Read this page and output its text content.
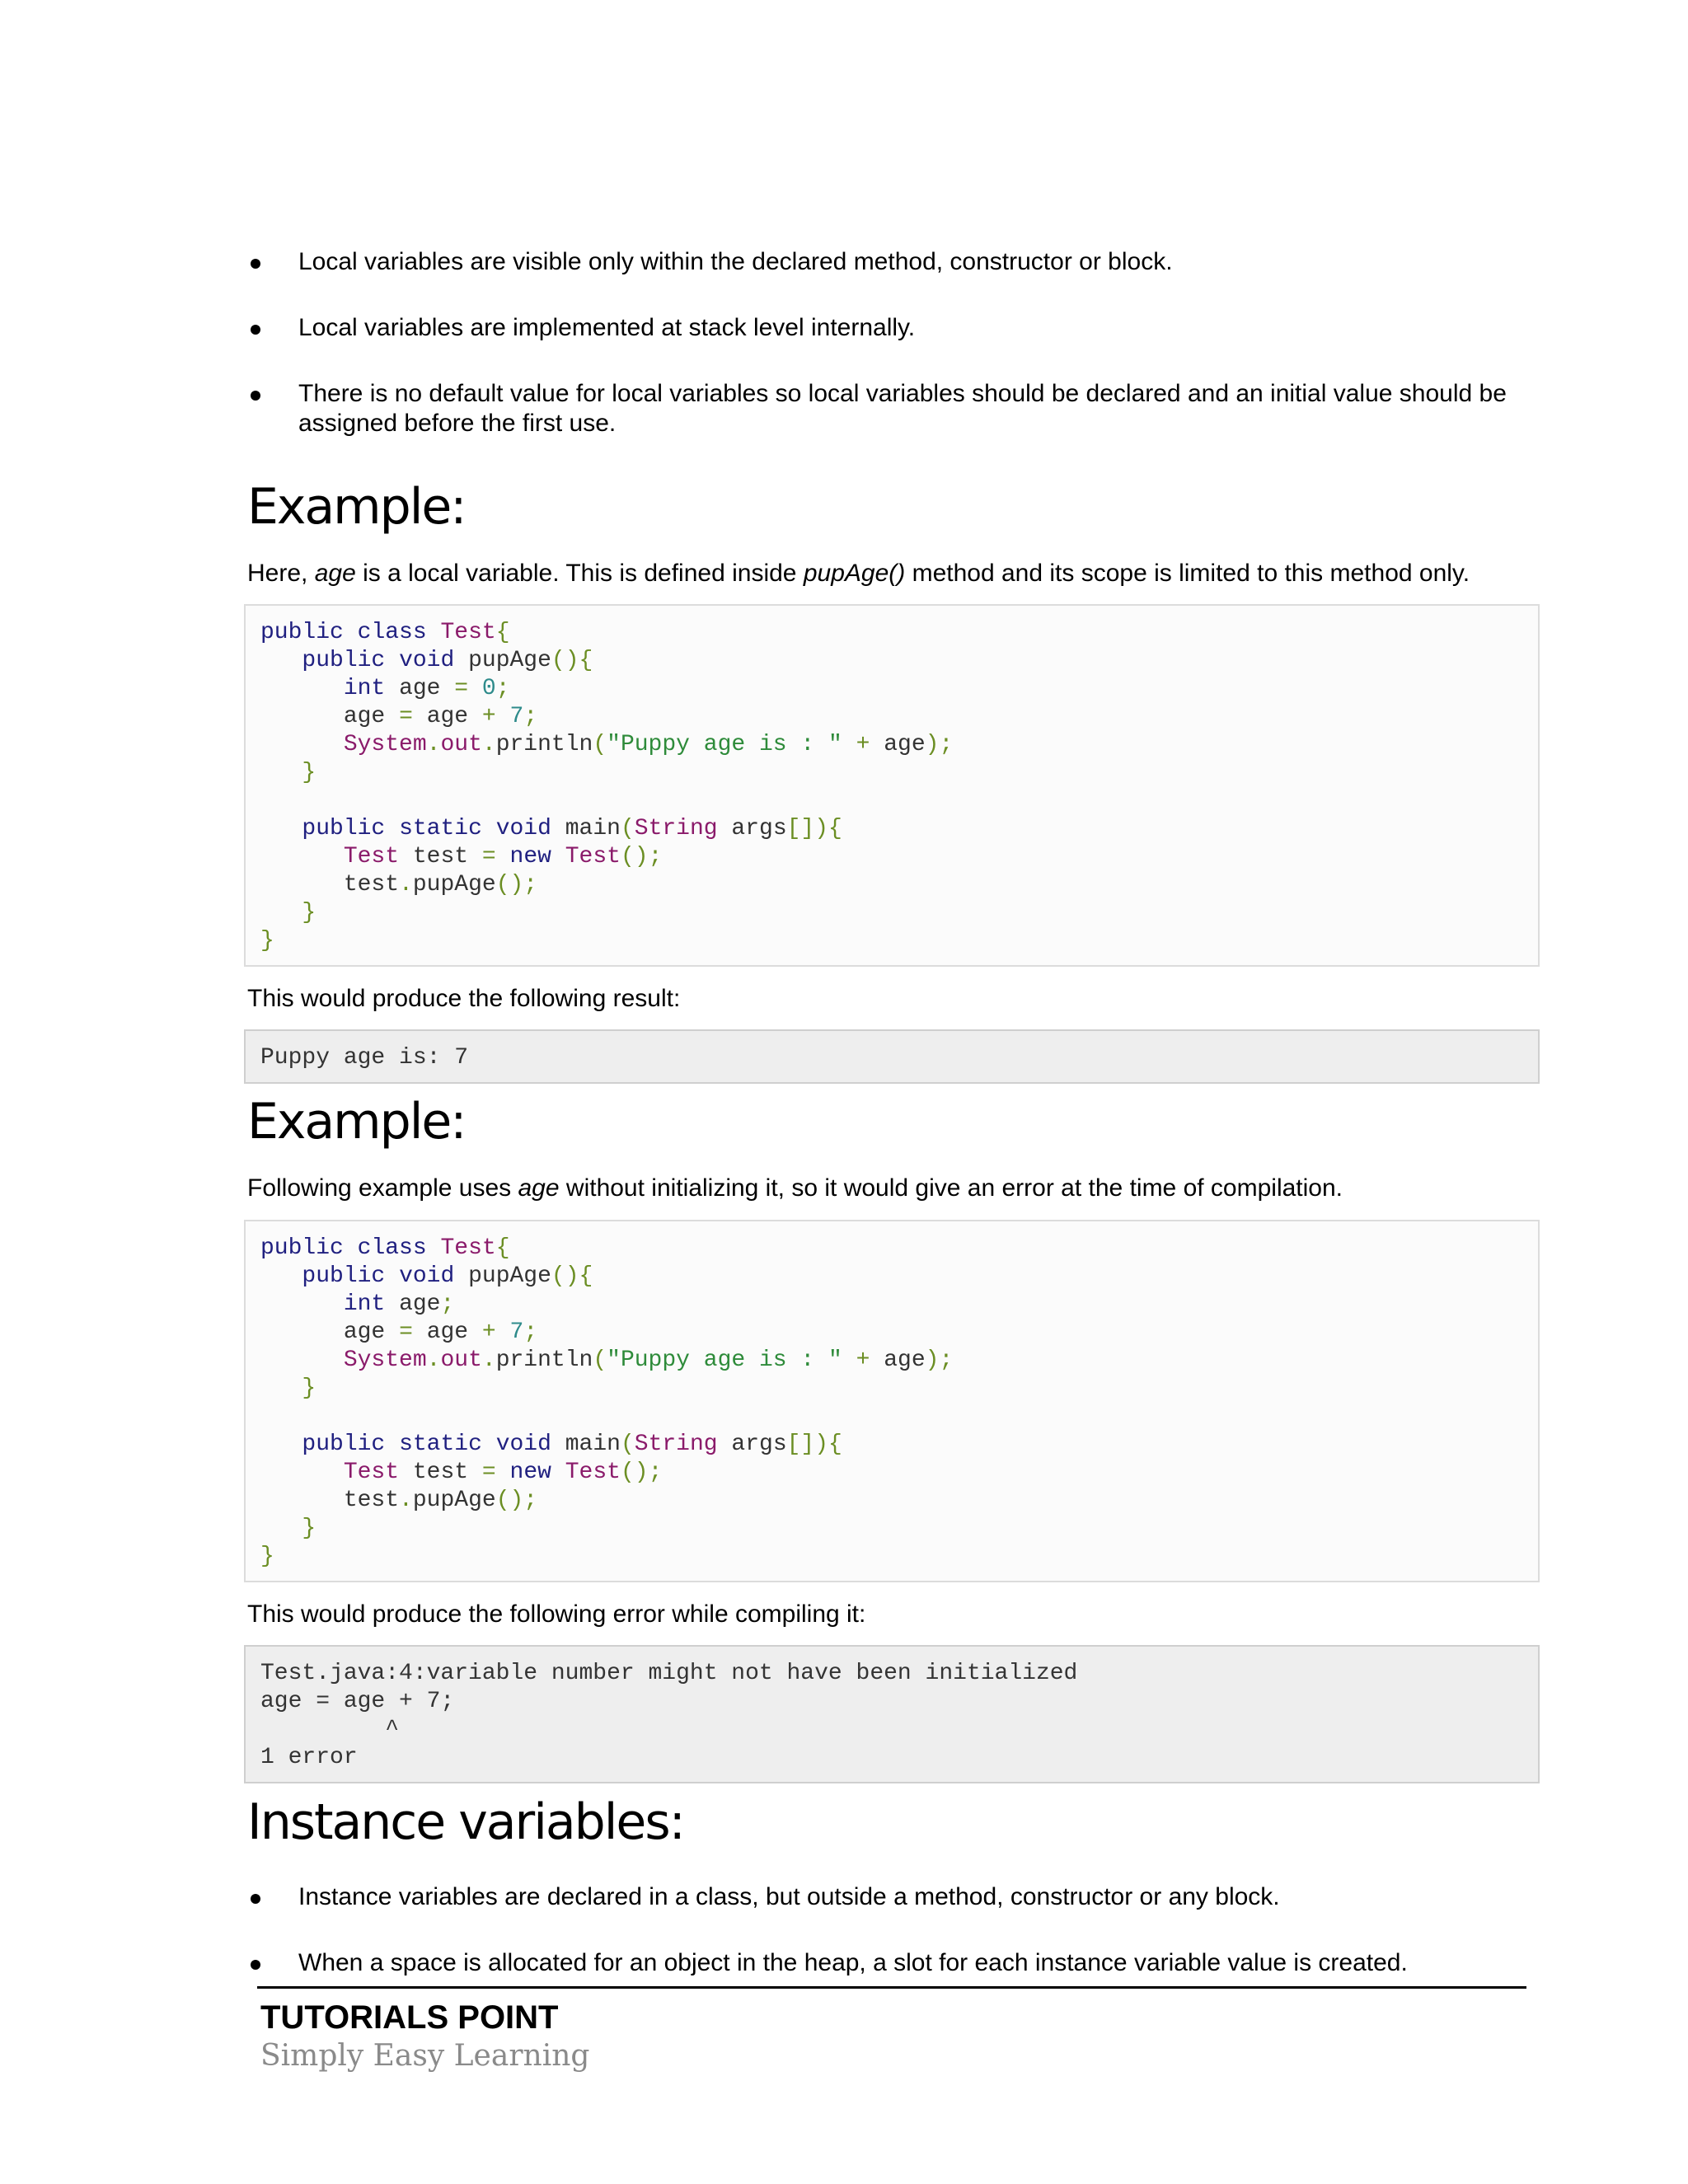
Local variables are visible only within the declared method, constructor or block.
Local variables are implemented at stack level internally.
There is no default value for local variables so local variables should be declared and an initial value should be assigned before the first use.
Example:

Here, age is a local variable. This is defined inside pupAge() method and its scope is limited to this method only.

public class Test{
public void pupAge(){
int age = 0;
age = age + 7;
System.out.println("Puppy age is : " + age);
}

public static void main(String args[]){
Test test = new Test();
test.pupAge();
}
}

This would produce the following result:

Puppy age is: 7
Example:

Following example uses age without initializing it, so it would give an error at the time of compilation.

public class Test{
public void pupAge(){
int age;
age = age + 7;
System.out.println("Puppy age is : " + age);
}

public static void main(String args[]){
Test test = new Test();
test.pupAge();
}
}

This would produce the following error while compiling it:

Test.java:4:variable number might not have been initialized
age = age + 7;
^
1 error
Instance variables:
Instance variables are declared in a class, but outside a method, constructor or any block.
When a space is allocated for an object in the heap, a slot for each instance variable value is created.
TUTORIALS POINT
Simply Easy Learning
